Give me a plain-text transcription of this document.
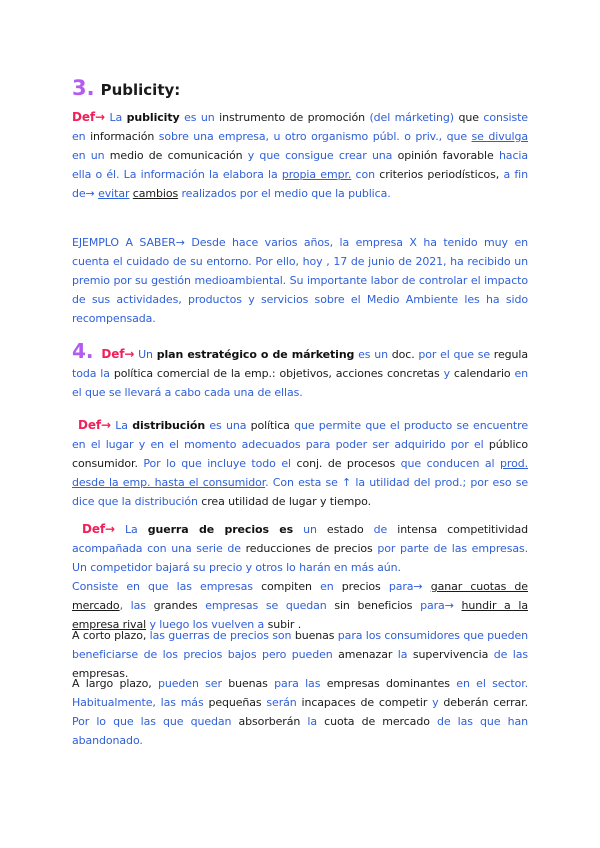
3. Publicity:
Def→ La publicity es un instrumento de promoción (del márketing) que consiste en información sobre una empresa, u otro organismo públ. o priv., que se divulga en un medio de comunicación y que consigue crear una opinión favorable hacia ella o él. La información la elabora la propia empr. con criterios periodísticos, a fin de→ evitar cambios realizados por el medio que la publica.
EJEMPLO A SABER→ Desde hace varios años, la empresa X ha tenido muy en cuenta el cuidado de su entorno. Por ello, hoy , 17 de junio de 2021, ha recibido un premio por su gestión medioambiental. Su importante labor de controlar el impacto de sus actividades, productos y servicios sobre el Medio Ambiente les ha sido recompensada.
4. Def→ Un plan estratégico o de márketing es un doc. por el que se regula toda la política comercial de la emp.: objetivos, acciones concretas y calendario en el que se llevará a cabo cada una de ellas.
Def→ La distribución es una política que permite que el producto se encuentre en el lugar y en el momento adecuados para poder ser adquirido por el público consumidor. Por lo que incluye todo el conj. de procesos que conducen al prod. desde la emp. hasta el consumidor. Con esta se ↑ la utilidad del prod.; por eso se dice que la distribución crea utilidad de lugar y tiempo.
Def→ La guerra de precios es un estado de intensa competitividad acompañada con una serie de reducciones de precios por parte de las empresas. Un competidor bajará su precio y otros lo harán en más aún.
Consiste en que las empresas compiten en precios para→ ganar cuotas de mercado, las grandes empresas se quedan sin beneficios para→ hundir a la empresa rival y luego los vuelven a subir .
A corto plazo, las guerras de precios son buenas para los consumidores que pueden beneficiarse de los precios bajos pero pueden amenazar la supervivencia de las empresas.
A largo plazo, pueden ser buenas para las empresas dominantes en el sector. Habitualmente, las más pequeñas serán incapaces de competir y deberán cerrar. Por lo que las que quedan absorberán la cuota de mercado de las que han abandonado.
